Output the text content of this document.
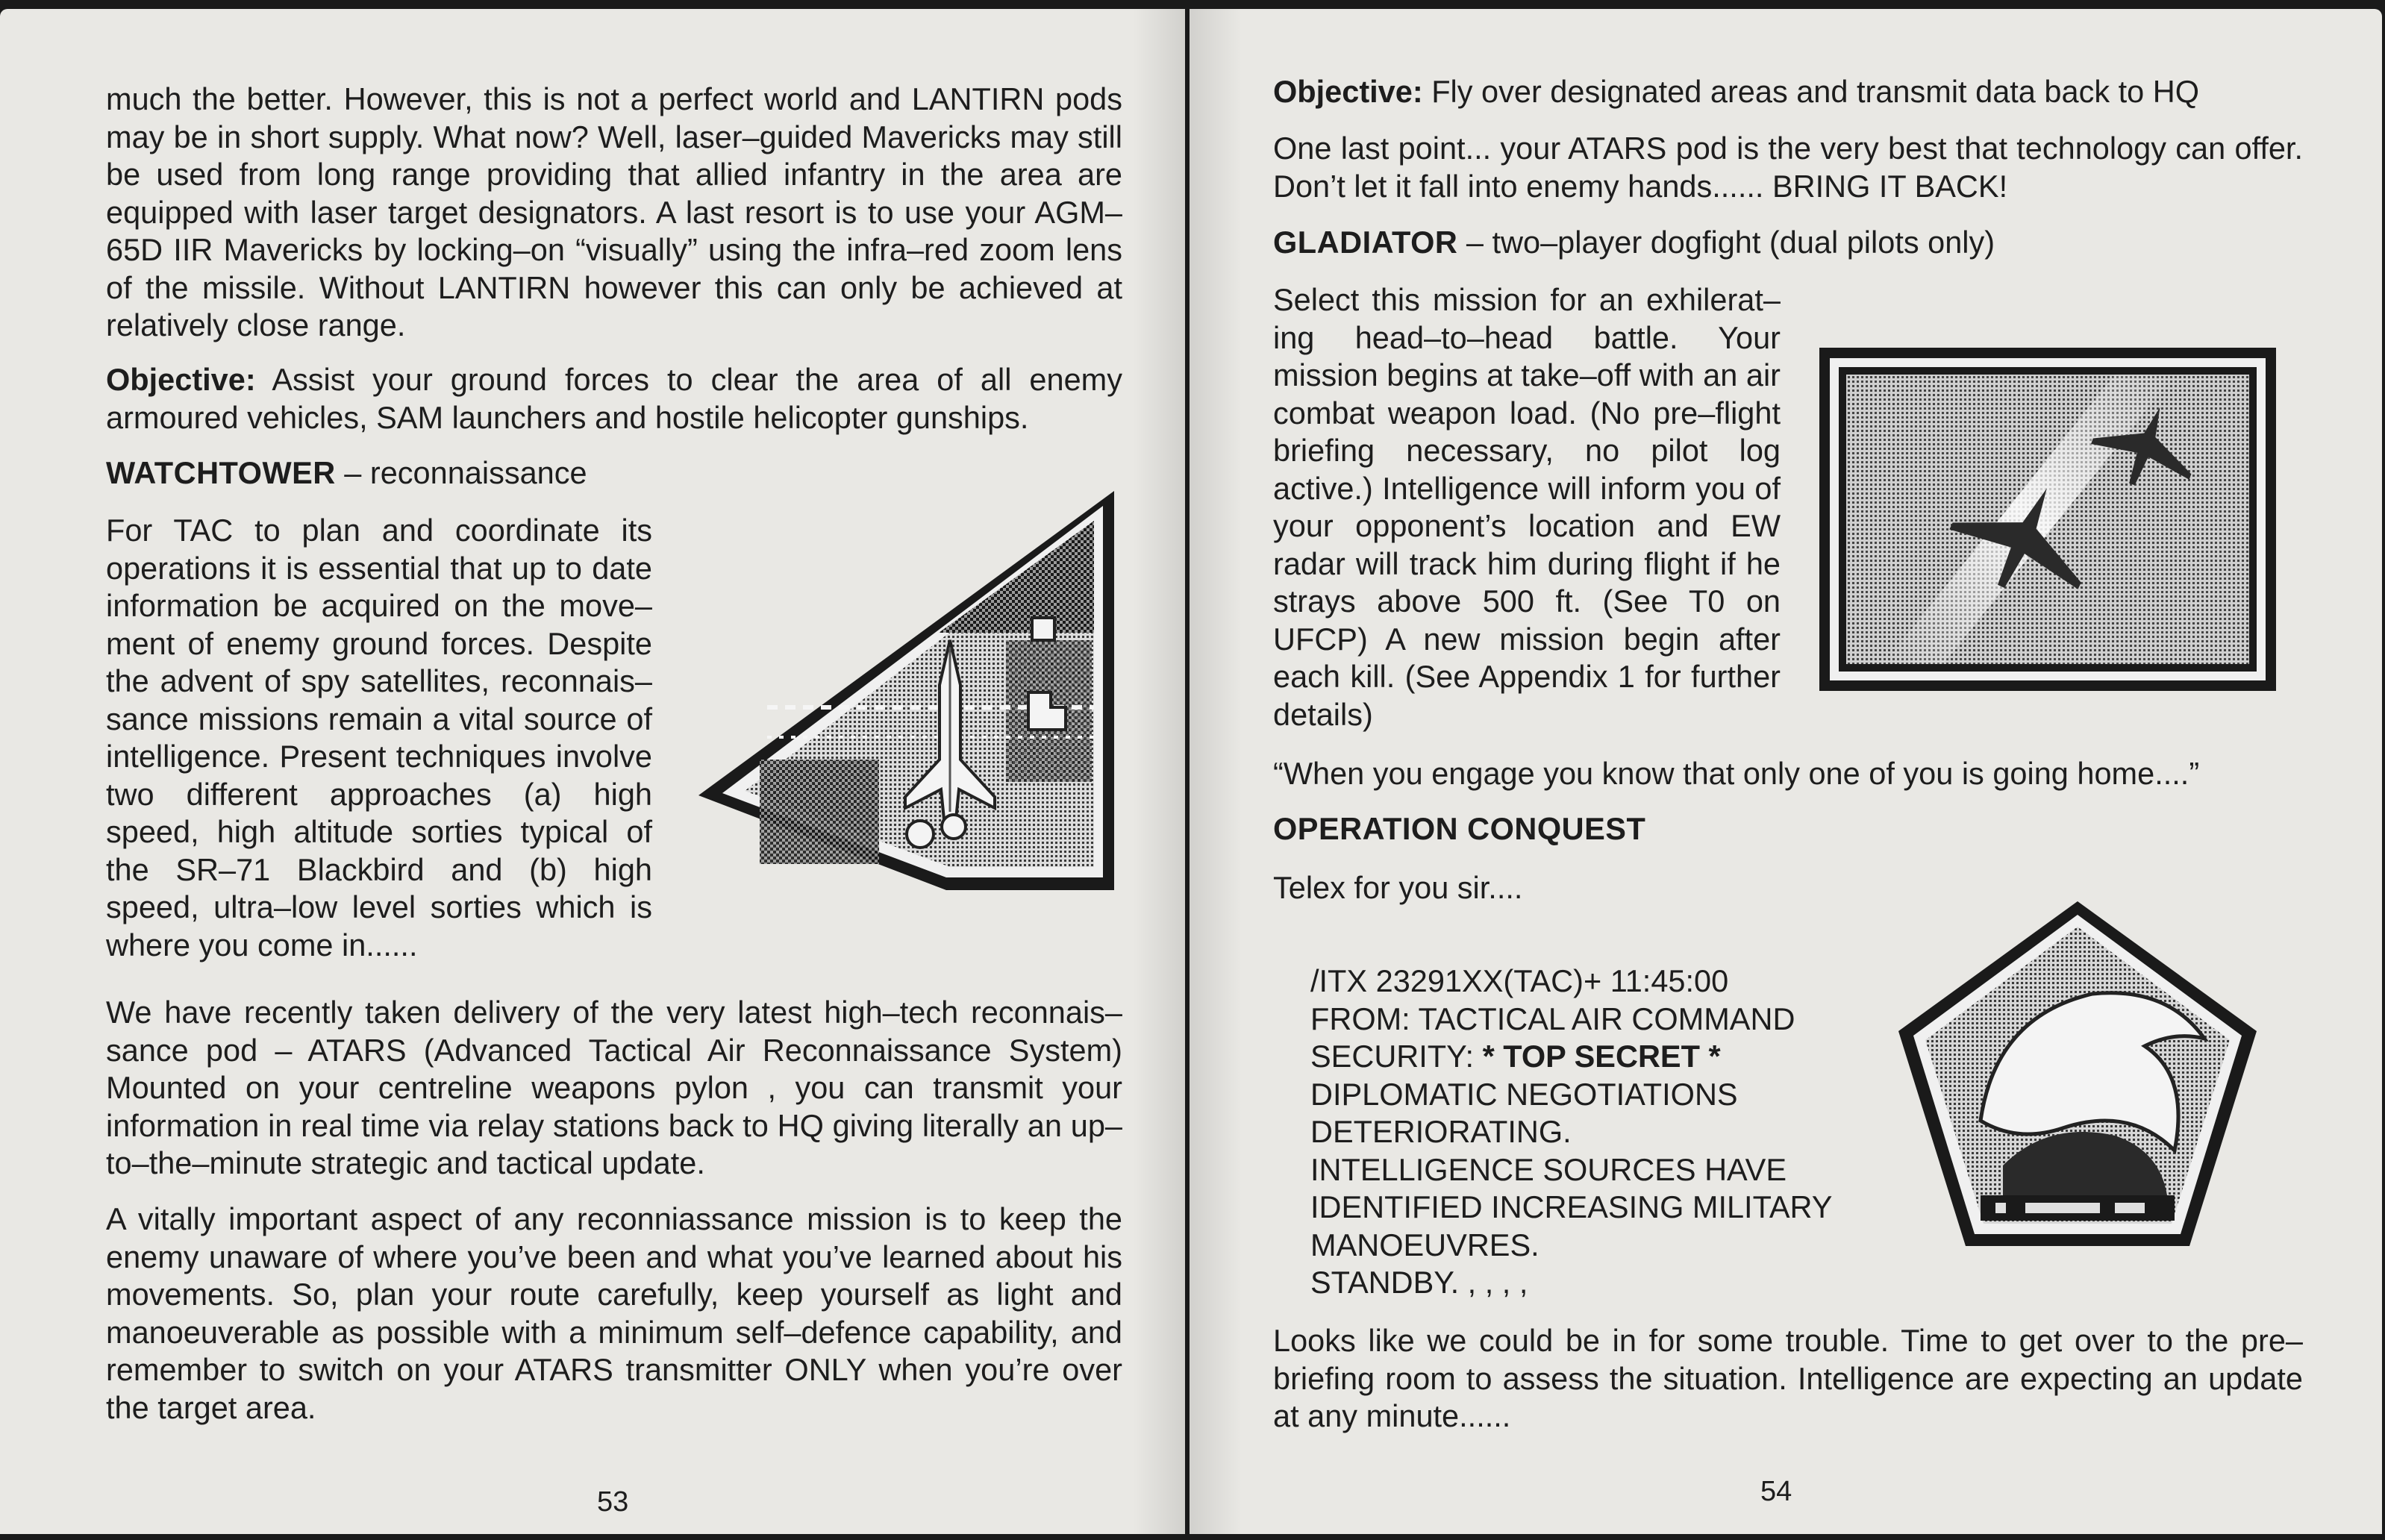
much the better. However, this is not a perfect world and LANTIRN pods may be in short supply. What now? Well, laser–guided Mavericks may still be used from long range providing that allied infantry in the area are equipped with laser target designators. A last resort is to use your AGM–65D IIR Mavericks by locking–on “visually” using the infra–red zoom lens of the missile. Without LANTIRN however this can only be achieved at relatively close range.

Objective: Assist your ground forces to clear the area of all enemy armoured vehicles, SAM launchers and hostile helicopter gunships.

WATCHTOWER – reconnaissance

For TAC to plan and coordinate its operations it is essential that up to date information be acquired on the move–ment of enemy ground forces. Despite the advent of spy satellites, reconnais–sance missions remain a vital source of intelligence. Present techniques involve two different approaches (a) high speed, high altitude sorties typical of the SR–71 Blackbird and (b) high speed, ultra–low level sorties which is where you come in......

We have recently taken delivery of the very latest high–tech reconnais–sance pod – ATARS (Advanced Tactical Air Reconnaissance System) Mounted on your centreline weapons pylon , you can transmit your information in real time via relay stations back to HQ giving literally an up–to–the–minute strategic and tactical update.

A vitally important aspect of any reconniassance mission is to keep the enemy unaware of where you’ve been and what you’ve learned about his movements. So, plan your route carefully, keep yourself as light and manoeuverable as possible with a minimum self–defence capability, and remember to switch on your ATARS transmitter ONLY when you’re over the target area.

53

Objective: Fly over designated areas and transmit data back to HQ

One last point... your ATARS pod is the very best that technology can offer. Don’t let it fall into enemy hands...... BRING IT BACK!

GLADIATOR – two–player dogfight (dual pilots only)

Select this mission for an exhilerat–ing head–to–head battle. Your mission begins at take–off with an air combat weapon load. (No pre–flight briefing necessary, no pilot log active.) Intelligence will inform you of your opponent’s location and EW radar will track him during flight if he strays above 500 ft. (See T0 on UFCP) A new mission begin after each kill. (See Appendix 1 for further details)

“When you engage you know that only one of you is going home....”

OPERATION CONQUEST

Telex for you sir....

/ITX 23291XX(TAC)+ 11:45:00
FROM: TACTICAL AIR COMMAND
SECURITY: * TOP SECRET *
DIPLOMATIC NEGOTIATIONS
DETERIORATING.
INTELLIGENCE SOURCES HAVE
IDENTIFIED INCREASING MILITARY
MANOEUVRES.
STANDBY. , , , ,

Looks like we could be in for some trouble. Time to get over to the pre–briefing room to assess the situation. Intelligence are expecting an update at any minute......

54
